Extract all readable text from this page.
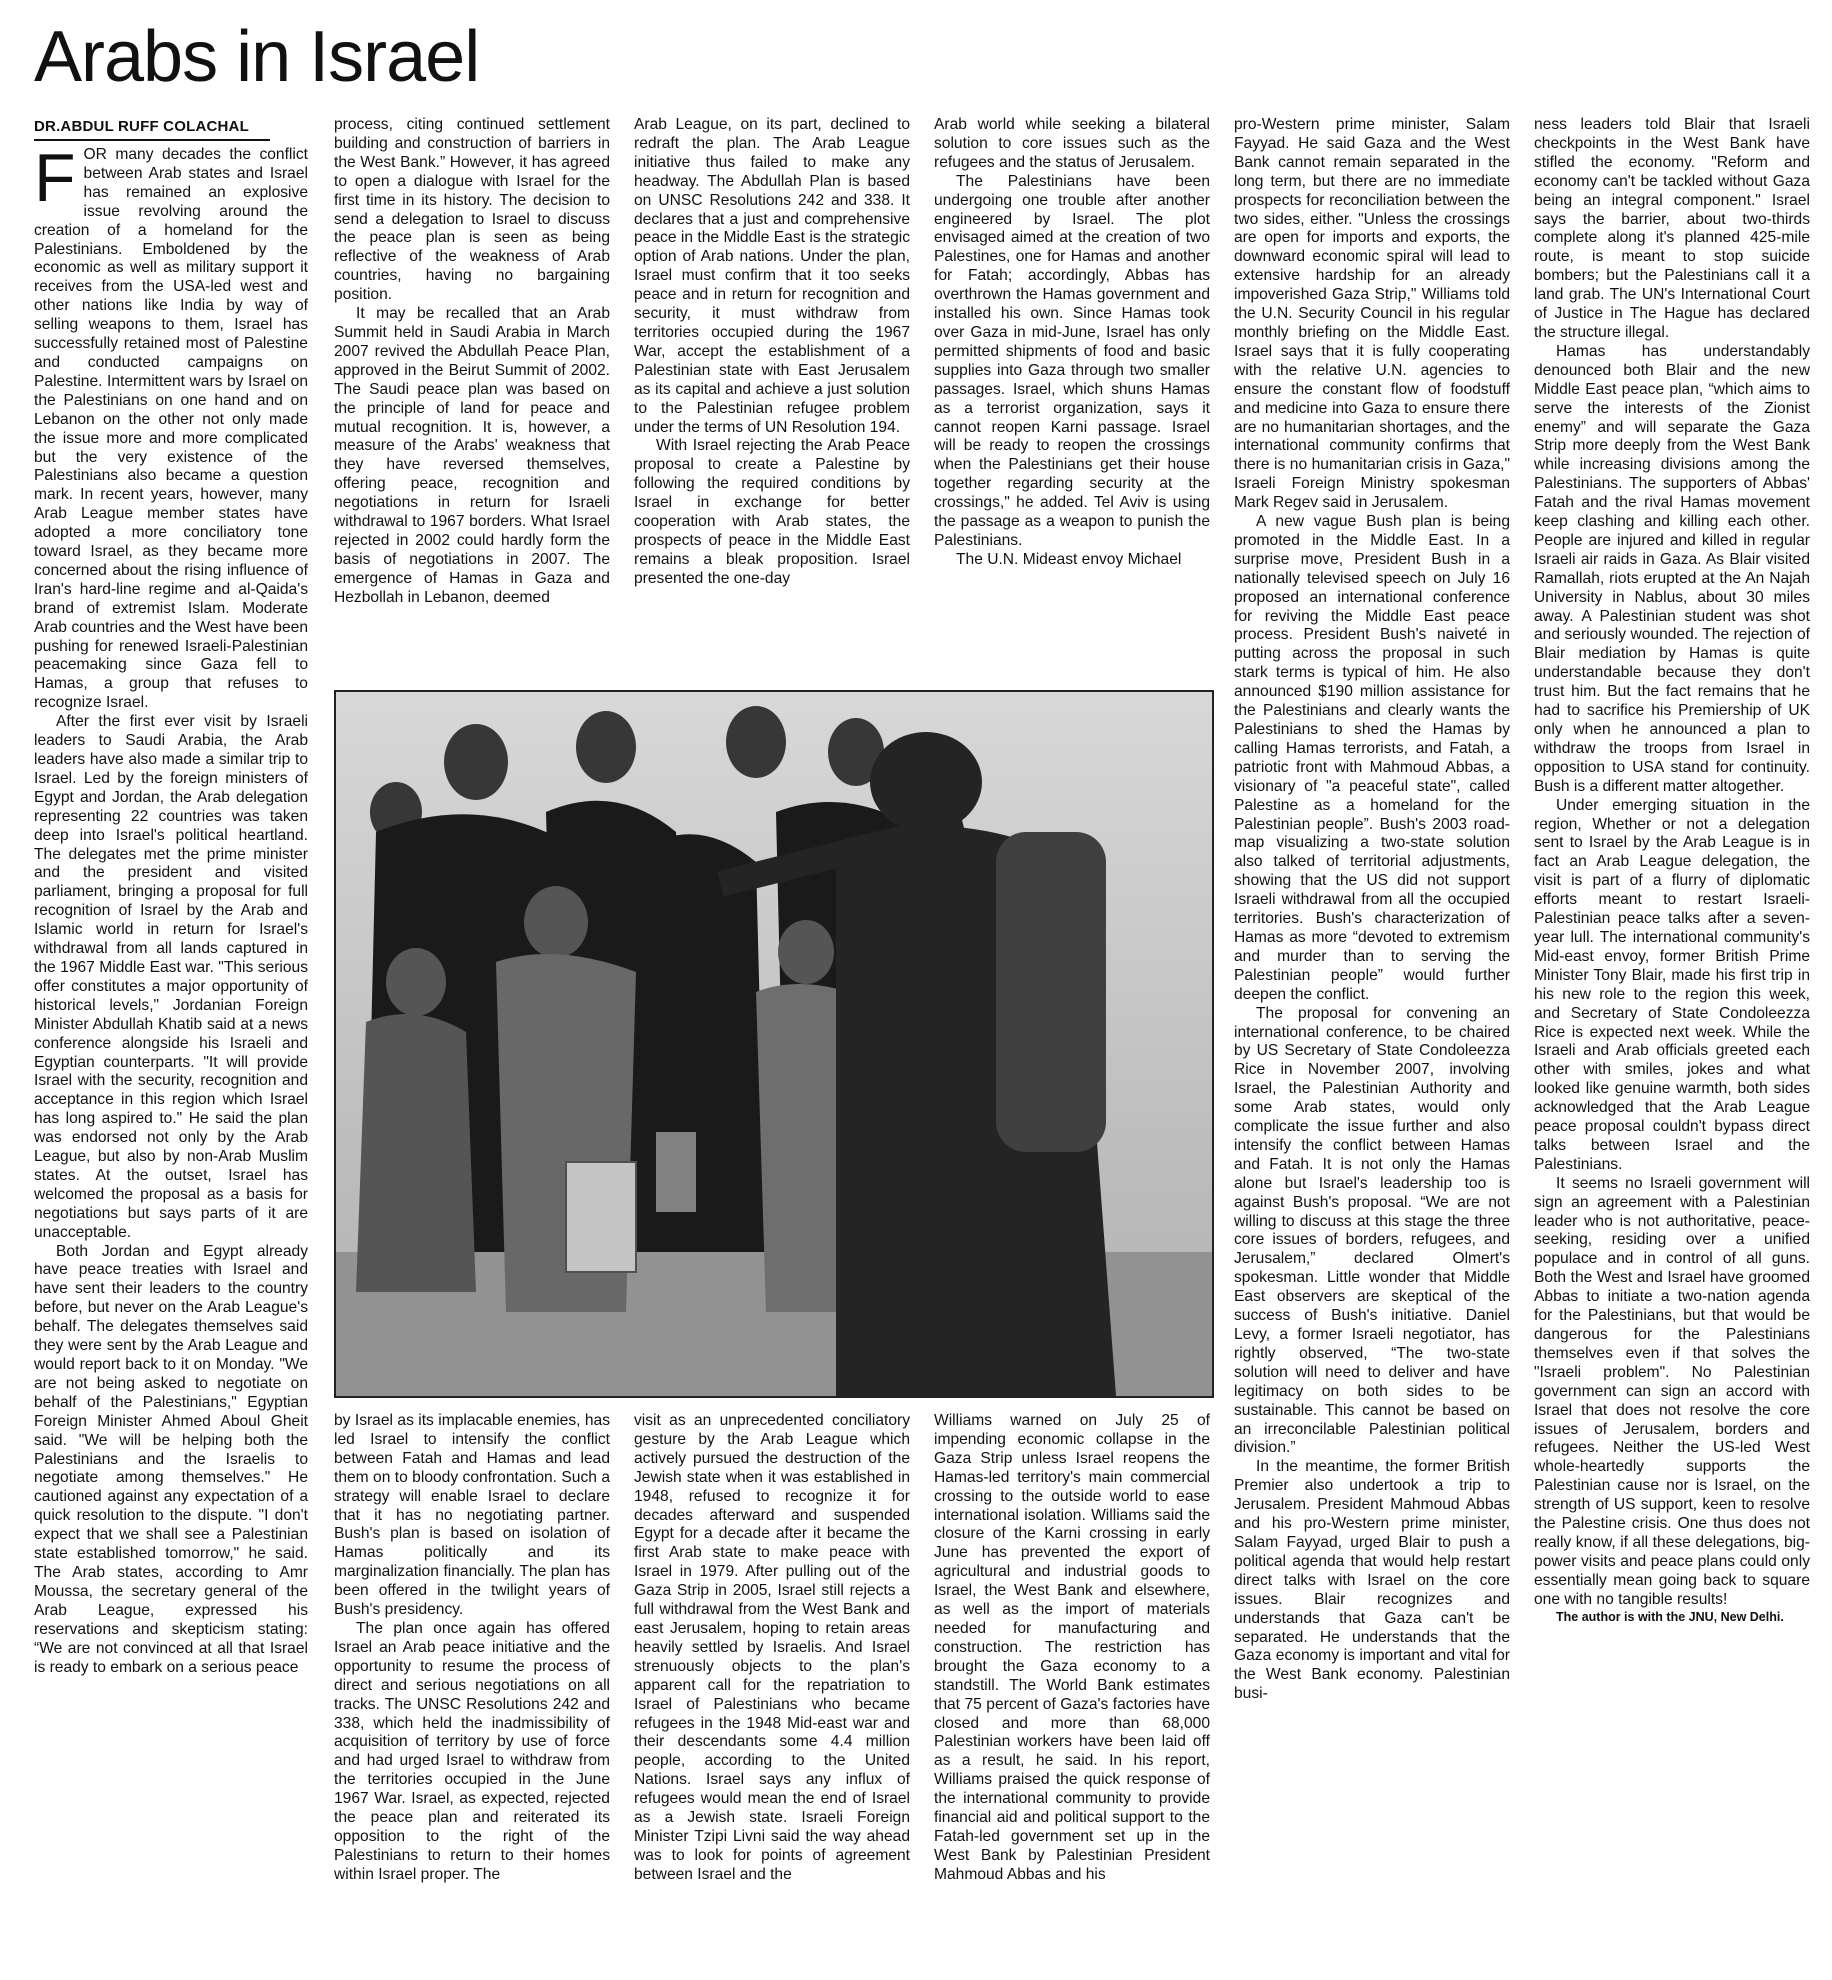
Arabs in Israel
DR.ABDUL RUFF COLACHAL

FOR many decades the conflict between Arab states and Israel has remained an explosive issue revolving around the creation of a homeland for the Palestinians. Emboldened by the economic as well as military support it receives from the USA-led west and other nations like India by way of selling weapons to them, Israel has successfully retained most of Palestine and conducted campaigns on Palestine. Intermittent wars by Israel on the Palestinians on one hand and on Lebanon on the other not only made the issue more and more complicated but the very existence of the Palestinians also became a question mark. In recent years, however, many Arab League member states have adopted a more conciliatory tone toward Israel, as they became more concerned about the rising influence of Iran's hard-line regime and al-Qaida's brand of extremist Islam. Moderate Arab countries and the West have been pushing for renewed Israeli-Palestinian peacemaking since Gaza fell to Hamas, a group that refuses to recognize Israel.

After the first ever visit by Israeli leaders to Saudi Arabia, the Arab leaders have also made a similar trip to Israel. Led by the foreign ministers of Egypt and Jordan, the Arab delegation representing 22 countries was taken deep into Israel's political heartland. The delegates met the prime minister and the president and visited parliament, bringing a proposal for full recognition of Israel by the Arab and Islamic world in return for Israel's withdrawal from all lands captured in the 1967 Middle East war. "This serious offer constitutes a major opportunity of historical levels," Jordanian Foreign Minister Abdullah Khatib said at a news conference alongside his Israeli and Egyptian counterparts. "It will provide Israel with the security, recognition and acceptance in this region which Israel has long aspired to." He said the plan was endorsed not only by the Arab League, but also by non-Arab Muslim states. At the outset, Israel has welcomed the proposal as a basis for negotiations but says parts of it are unacceptable.

Both Jordan and Egypt already have peace treaties with Israel and have sent their leaders to the country before, but never on the Arab League's behalf. The delegates themselves said they were sent by the Arab League and would report back to it on Monday. "We are not being asked to negotiate on behalf of the Palestinians," Egyptian Foreign Minister Ahmed Aboul Gheit said. "We will be helping both the Palestinians and the Israelis to negotiate among themselves." He cautioned against any expectation of a quick resolution to the dispute. "I don't expect that we shall see a Palestinian state established tomorrow," he said. The Arab states, according to Amr Moussa, the secretary general of the Arab League, expressed his reservations and skepticism stating: “We are not convinced at all that Israel is ready to embark on a serious peace

process, citing continued settlement building and construction of barriers in the West Bank.” However, it has agreed to open a dialogue with Israel for the first time in its history. The decision to send a delegation to Israel to discuss the peace plan is seen as being reflective of the weakness of Arab countries, having no bargaining position.

It may be recalled that an Arab Summit held in Saudi Arabia in March 2007 revived the Abdullah Peace Plan, approved in the Beirut Summit of 2002. The Saudi peace plan was based on the principle of land for peace and mutual recognition. It is, however, a measure of the Arabs' weakness that they have reversed themselves, offering peace, recognition and negotiations in return for Israeli withdrawal to 1967 borders. What Israel rejected in 2002 could hardly form the basis of negotiations in 2007. The emergence of Hamas in Gaza and Hezbollah in Lebanon, deemed

Arab League, on its part, declined to redraft the plan. The Arab League initiative thus failed to make any headway. The Abdullah Plan is based on UNSC Resolutions 242 and 338. It declares that a just and comprehensive peace in the Middle East is the strategic option of Arab nations. Under the plan, Israel must confirm that it too seeks peace and in return for recognition and security, it must withdraw from territories occupied during the 1967 War, accept the establishment of a Palestinian state with East Jerusalem as its capital and achieve a just solution to the Palestinian refugee problem under the terms of UN Resolution 194.

With Israel rejecting the Arab Peace proposal to create a Palestine by following the required conditions by Israel in exchange for better cooperation with Arab states, the prospects of peace in the Middle East remains a bleak proposition. Israel presented the one-day

Arab world while seeking a bilateral solution to core issues such as the refugees and the status of Jerusalem.

The Palestinians have been undergoing one trouble after another engineered by Israel. The plot envisaged aimed at the creation of two Palestines, one for Hamas and another for Fatah; accordingly, Abbas has overthrown the Hamas government and installed his own. Since Hamas took over Gaza in mid-June, Israel has only permitted shipments of food and basic supplies into Gaza through two smaller passages. Israel, which shuns Hamas as a terrorist organization, says it cannot reopen Karni passage. Israel will be ready to reopen the crossings when the Palestinians get their house together regarding security at the crossings," he added. Tel Aviv is using the passage as a weapon to punish the Palestinians.

The U.N. Mideast envoy Michael

by Israel as its implacable enemies, has led Israel to intensify the conflict between Fatah and Hamas and lead them on to bloody confrontation. Such a strategy will enable Israel to declare that it has no negotiating partner. Bush's plan is based on isolation of Hamas politically and its marginalization financially. The plan has been offered in the twilight years of Bush's presidency.

The plan once again has offered Israel an Arab peace initiative and the opportunity to resume the process of direct and serious negotiations on all tracks. The UNSC Resolutions 242 and 338, which held the inadmissibility of acquisition of territory by use of force and had urged Israel to withdraw from the territories occupied in the June 1967 War. Israel, as expected, rejected the peace plan and reiterated its opposition to the right of the Palestinians to return to their homes within Israel proper. The

visit as an unprecedented conciliatory gesture by the Arab League which actively pursued the destruction of the Jewish state when it was established in 1948, refused to recognize it for decades afterward and suspended Egypt for a decade after it became the first Arab state to make peace with Israel in 1979. After pulling out of the Gaza Strip in 2005, Israel still rejects a full withdrawal from the West Bank and east Jerusalem, hoping to retain areas heavily settled by Israelis. And Israel strenuously objects to the plan's apparent call for the repatriation to Israel of Palestinians who became refugees in the 1948 Mid-east war and their descendants some 4.4 million people, according to the United Nations. Israel says any influx of refugees would mean the end of Israel as a Jewish state. Israeli Foreign Minister Tzipi Livni said the way ahead was to look for points of agreement between Israel and the

Williams warned on July 25 of impending economic collapse in the Gaza Strip unless Israel reopens the Hamas-led territory's main commercial crossing to the outside world to ease international isolation. Williams said the closure of the Karni crossing in early June has prevented the export of agricultural and industrial goods to Israel, the West Bank and elsewhere, as well as the import of materials needed for manufacturing and construction. The restriction has brought the Gaza economy to a standstill. The World Bank estimates that 75 percent of Gaza's factories have closed and more than 68,000 Palestinian workers have been laid off as a result, he said. In his report, Williams praised the quick response of the international community to provide financial aid and political support to the Fatah-led government set up in the West Bank by Palestinian President Mahmoud Abbas and his

pro-Western prime minister, Salam Fayyad. He said Gaza and the West Bank cannot remain separated in the long term, but there are no immediate prospects for reconciliation between the two sides, either. "Unless the crossings are open for imports and exports, the downward economic spiral will lead to extensive hardship for an already impoverished Gaza Strip," Williams told the U.N. Security Council in his regular monthly briefing on the Middle East. Israel says that it is fully cooperating with the relative U.N. agencies to ensure the constant flow of foodstuff and medicine into Gaza to ensure there are no humanitarian shortages, and the international community confirms that there is no humanitarian crisis in Gaza," Israeli Foreign Ministry spokesman Mark Regev said in Jerusalem.

A new vague Bush plan is being promoted in the Middle East. In a surprise move, President Bush in a nationally televised speech on July 16 proposed an international conference for reviving the Middle East peace process. President Bush's naiveté in putting across the proposal in such stark terms is typical of him. He also announced $190 million assistance for the Palestinians and clearly wants the Palestinians to shed the Hamas by calling Hamas terrorists, and Fatah, a patriotic front with Mahmoud Abbas, a visionary of "a peaceful state", called Palestine as a homeland for the Palestinian people”. Bush's 2003 road-map visualizing a two-state solution also talked of territorial adjustments, showing that the US did not support Israeli withdrawal from all the occupied territories. Bush's characterization of Hamas as more “devoted to extremism and murder than to serving the Palestinian people” would further deepen the conflict.

The proposal for convening an international conference, to be chaired by US Secretary of State Condoleezza Rice in November 2007, involving Israel, the Palestinian Authority and some Arab states, would only complicate the issue further and also intensify the conflict between Hamas and Fatah. It is not only the Hamas alone but Israel's leadership too is against Bush's proposal. “We are not willing to discuss at this stage the three core issues of borders, refugees, and Jerusalem,” declared Olmert's spokesman. Little wonder that Middle East observers are skeptical of the success of Bush's initiative. Daniel Levy, a former Israeli negotiator, has rightly observed, “The two-state solution will need to deliver and have legitimacy on both sides to be sustainable. This cannot be based on an irreconcilable Palestinian political division.”

In the meantime, the former British Premier also undertook a trip to Jerusalem. President Mahmoud Abbas and his pro-Western prime minister, Salam Fayyad, urged Blair to push a political agenda that would help restart direct talks with Israel on the core issues. Blair recognizes and understands that Gaza can't be separated. He understands that the Gaza economy is important and vital for the West Bank economy. Palestinian busi-

ness leaders told Blair that Israeli checkpoints in the West Bank have stifled the economy. "Reform and economy can't be tackled without Gaza being an integral component." Israel says the barrier, about two-thirds complete along it's planned 425-mile route, is meant to stop suicide bombers; but the Palestinians call it a land grab. The UN's International Court of Justice in The Hague has declared the structure illegal.

Hamas has understandably denounced both Blair and the new Middle East peace plan, “which aims to serve the interests of the Zionist enemy” and will separate the Gaza Strip more deeply from the West Bank while increasing divisions among the Palestinians. The supporters of Abbas' Fatah and the rival Hamas movement keep clashing and killing each other. People are injured and killed in regular Israeli air raids in Gaza. As Blair visited Ramallah, riots erupted at the An Najah University in Nablus, about 30 miles away. A Palestinian student was shot and seriously wounded. The rejection of Blair mediation by Hamas is quite understandable because they don't trust him. But the fact remains that he had to sacrifice his Premiership of UK only when he announced a plan to withdraw the troops from Israel in opposition to USA stand for continuity. Bush is a different matter altogether.

Under emerging situation in the region, Whether or not a delegation sent to Israel by the Arab League is in fact an Arab League delegation, the visit is part of a flurry of diplomatic efforts meant to restart Israeli-Palestinian peace talks after a seven-year lull. The international community's Mid-east envoy, former British Prime Minister Tony Blair, made his first trip in his new role to the region this week, and Secretary of State Condoleezza Rice is expected next week. While the Israeli and Arab officials greeted each other with smiles, jokes and what looked like genuine warmth, both sides acknowledged that the Arab League peace proposal couldn't bypass direct talks between Israel and the Palestinians.

It seems no Israeli government will sign an agreement with a Palestinian leader who is not authoritative, peace-seeking, residing over a unified populace and in control of all guns. Both the West and Israel have groomed Abbas to initiate a two-nation agenda for the Palestinians, but that would be dangerous for the Palestinians themselves even if that solves the "Israeli problem". No Palestinian government can sign an accord with Israel that does not resolve the core issues of Jerusalem, borders and refugees. Neither the US-led West whole-heartedly supports the Palestinian cause nor is Israel, on the strength of US support, keen to resolve the Palestine crisis. One thus does not really know, if all these delegations, big-power visits and peace plans could only essentially mean going back to square one with no tangible results!

The author is with the JNU, New Delhi.
